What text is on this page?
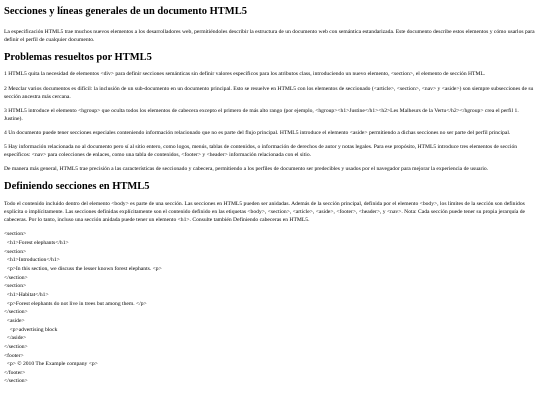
Secciones y líneas generales de un documento HTML5

La especificación HTML5 trae muchos nuevos elementos a los desarrolladores web, permitiéndoles describir la estructura de un documento web con semántica estandarizada. Este documento describe estos elementos y cómo usarlos para definir el perfil de cualquier documento.

Problemas resueltos por HTML5

1 HTML5 quita la necesidad de elementos <div> para definir secciones semánticas sin definir valores específicos para los atributos class, introduciendo un nuevo elemento, <section>, el elemento de sección HTML.

2 Mezclar varios documentos es difícil: la inclusión de un sub-documento en un documento principal. Esto se resuelve en HTML5 con los elementos de seccionado (<article>, <section>, <nav> y <aside>) son siempre subsecciones de su sección ancestra más cercana.

3 HTML5 introduce el elemento <hgroup> que oculta todos los elementos de cabecera excepto el primero de más alto rango (por ejemplo, <hgroup><h1>Justine</h1><h2>Les Malheurs de la Vertu</h2></hgroup> crea el perfil 1. Justine).

4 Un documento puede tener secciones especiales conteniendo información relacionado que no es parte del flujo principal. HTML5 introduce el elemento <aside> permitiendo a dichas secciones no ser parte del perfil principal.

5 Hay información relacionada no al documento pero sí al sitio entero, como logos, menús, tablas de contenidos, o información de derechos de autor y notas legales. Para ese propósito, HTML5 introduce tres elementos de sección específicos: <nav> para colecciones de enlaces, como una tabla de contenidos, <footer> y <header> información relacionada con el sitio.

De manera más general, HTML5 trae precisión a las características de seccionado y cabecera, permitiendo a los perfiles de documento ser predecibles y usados por el navegador para mejorar la experiencia de usuario.

Definiendo secciones en HTML5

Todo el contenido incluido dentro del elemento <body> es parte de una sección. Las secciones en HTML5 pueden ser anidadas. Además de la sección principal, definida por el elemento <body>, los límites de la sección son definidos explícita o implícitamente. Las secciones definidas explícitamente son el contenido definido en las etiquetas <body>, <section>, <article>, <aside>, <footer>, <header>, y <nav>. Nota: Cada sección puede tener su propia jerarquía de cabeceras. Por lo tanto, incluso una sección anidada puede tener un elemento <h1>. Consulte también Definiendo cabeceras en HTML5.

<section>
<h1>Forest elephants</h1>
<section>
<h1>Introduction</h1>
<p>In this section, we discuss the lesser known forest elephants. <p>
</section>
<section>
<h1>Habitat</h1>
<p>Forest elephants do not live in trees but among them. </p>
</section>
<aside>
<p>advertising block
</aside>
</section>
<footer>
<p> © 2010 The Example company <p>
</footer>
</section>
